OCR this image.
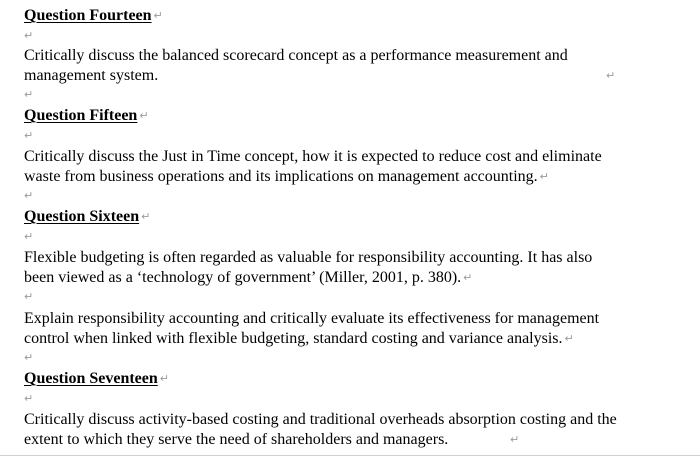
Question Fourteen ↵
↵
Critically discuss the balanced scorecard concept as a performance measurement and
management system.	↵
↵
Question Fifteen ↵
↵
Critically discuss the Just in Time concept, how it is expected to reduce cost and eliminate
waste from business operations and its implications on management accounting. ↵
↵
Question Sixteen ↵
↵
Flexible budgeting is often regarded as valuable for responsibility accounting. It has also
been viewed as a ‘technology of government’ (Miller, 2001, p. 380). ↵
↵
Explain responsibility accounting and critically evaluate its effectiveness for management
control when linked with flexible budgeting, standard costing and variance analysis. ↵
↵
Question Seventeen ↵
↵
Critically discuss activity-based costing and traditional overheads absorption costing and the
extent to which they serve the need of shareholders and managers.	↵
